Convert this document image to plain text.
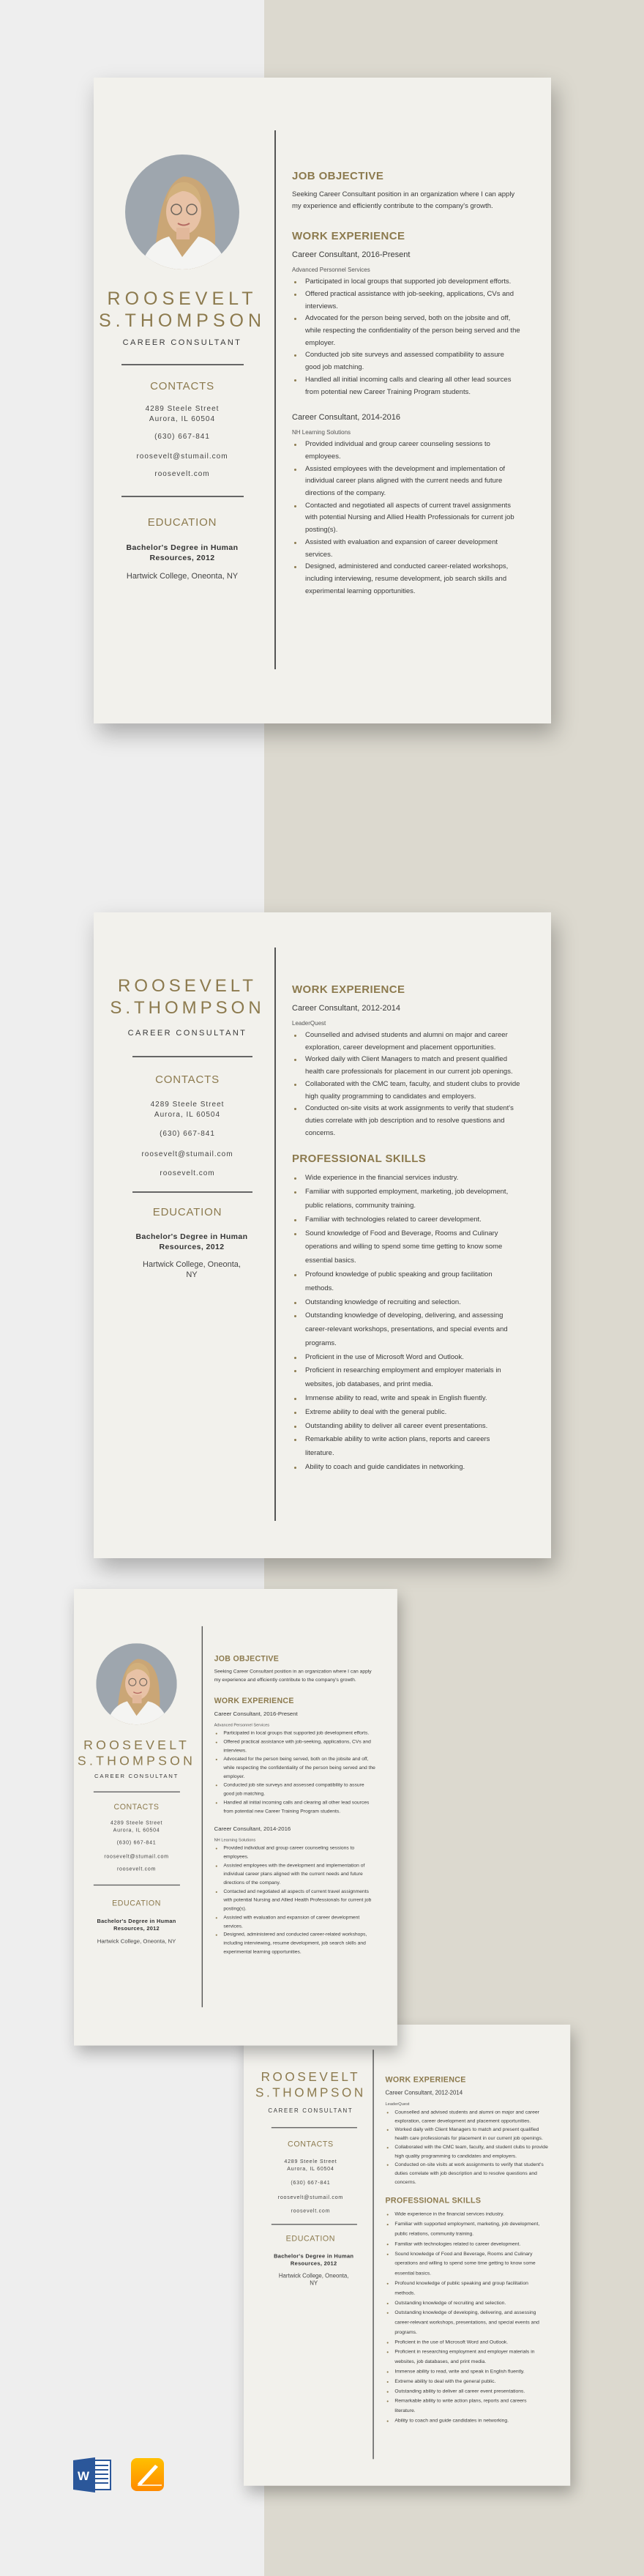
ROOSEVELT
S.THOMPSON
CAREER CONSULTANT
CONTACTS
4289 Steele Street
Aurora, IL 60504
(630) 667-841
roosevelt@stumail.com
roosevelt.com
EDUCATION
Bachelor's Degree in Human
Resources, 2012
Hartwick College, Oneonta, NY
JOB OBJECTIVE

Seeking Career Consultant position in an organization where I can apply my experience and efficiently contribute to the company's growth.

WORK EXPERIENCE
Career Consultant, 2016-Present
Advanced Personnel Services
Participated in local groups that supported job development efforts.
Offered practical assistance with job-seeking, applications, CVs and interviews.
Advocated for the person being served, both on the jobsite and off, while respecting the confidentiality of the person being served and the employer.
Conducted job site surveys and assessed compatibility to assure good job matching.
Handled all initial incoming calls and clearing all other lead sources from potential new Career Training Program students.
Career Consultant, 2014-2016
NH Learning Solutions
Provided individual and group career counseling sessions to employees.
Assisted employees with the development and implementation of individual career plans aligned with the current needs and future directions of the company.
Contacted and negotiated all aspects of current travel assignments with potential Nursing and Allied Health Professionals for current job posting(s).
Assisted with evaluation and expansion of career development services.
Designed, administered and conducted career-related workshops, including interviewing, resume development, job search skills and experimental learning opportunities.
ROOSEVELT
S.THOMPSON
CAREER CONSULTANT
CONTACTS
4289 Steele Street
Aurora, IL 60504
(630) 667-841
roosevelt@stumail.com
roosevelt.com
EDUCATION
Bachelor's Degree in Human
Resources, 2012
Hartwick College, Oneonta, NY
WORK EXPERIENCE
Career Consultant, 2012-2014
LeaderQuest
Counselled and advised students and alumni on major and career exploration, career development and placement opportunities.
Worked daily with Client Managers to match and present qualified health care professionals for placement in our current job openings.
Collaborated with the CMC team, faculty, and student clubs to provide high quality programming to candidates and employers.
Conducted on-site visits at work assignments to verify that student's duties correlate with job description and to resolve questions and concerns.
PROFESSIONAL SKILLS
Wide experience in the financial services industry.
Familiar with supported employment, marketing, job development, public relations, community training.
Familiar with technologies related to career development.
Sound knowledge of Food and Beverage, Rooms and Culinary operations and willing to spend some time getting to know some essential basics.
Profound knowledge of public speaking and group facilitation methods.
Outstanding knowledge of recruiting and selection.
Outstanding knowledge of developing, delivering, and assessing career-relevant workshops, presentations, and special events and programs.
Proficient in the use of Microsoft Word and Outlook.
Proficient in researching employment and employer materials in websites, job databases, and print media.
Immense ability to read, write and speak in English fluently.
Extreme ability to deal with the general public.
Outstanding ability to deliver all career event presentations.
Remarkable ability to write action plans, reports and careers literature.
Ability to coach and guide candidates in networking.
ROOSEVELT
S.THOMPSON
CAREER CONSULTANT
CONTACTS
4289 Steele Street
Aurora, IL 60504
(630) 667-841
roosevelt@stumail.com
roosevelt.com
EDUCATION
Bachelor's Degree in Human
Resources, 2012
Hartwick College, Oneonta, NY
WORK EXPERIENCE
Career Consultant, 2012-2014
LeaderQuest
Counselled and advised students and alumni on major and career exploration, career development and placement opportunities.
Worked daily with Client Managers to match and present qualified health care professionals for placement in our current job openings.
Collaborated with the CMC team, faculty, and student clubs to provide high quality programming to candidates and employers.
Conducted on-site visits at work assignments to verify that student's duties correlate with job description and to resolve questions and concerns.
PROFESSIONAL SKILLS
Wide experience in the financial services industry.
Familiar with supported employment, marketing, job development, public relations, community training.
Familiar with technologies related to career development.
Sound knowledge of Food and Beverage, Rooms and Culinary operations and willing to spend some time getting to know some essential basics.
Profound knowledge of public speaking and group facilitation methods.
Outstanding knowledge of recruiting and selection.
Outstanding knowledge of developing, delivering, and assessing career-relevant workshops, presentations, and special events and programs.
Proficient in the use of Microsoft Word and Outlook.
Proficient in researching employment and employer materials in websites, job databases, and print media.
Immense ability to read, write and speak in English fluently.
Extreme ability to deal with the general public.
Outstanding ability to deliver all career event presentations.
Remarkable ability to write action plans, reports and careers literature.
Ability to coach and guide candidates in networking.
ROOSEVELT
S.THOMPSON
CAREER CONSULTANT
CONTACTS
4289 Steele Street
Aurora, IL 60504
(630) 667-841
roosevelt@stumail.com
roosevelt.com
EDUCATION
Bachelor's Degree in Human
Resources, 2012
Hartwick College, Oneonta, NY
JOB OBJECTIVE

Seeking Career Consultant position in an organization where I can apply my experience and efficiently contribute to the company's growth.

WORK EXPERIENCE
Career Consultant, 2016-Present
Advanced Personnel Services
Participated in local groups that supported job development efforts.
Offered practical assistance with job-seeking, applications, CVs and interviews.
Advocated for the person being served, both on the jobsite and off, while respecting the confidentiality of the person being served and the employer.
Conducted job site surveys and assessed compatibility to assure good job matching.
Handled all initial incoming calls and clearing all other lead sources from potential new Career Training Program students.
Career Consultant, 2014-2016
NH Learning Solutions
Provided individual and group career counseling sessions to employees.
Assisted employees with the development and implementation of individual career plans aligned with the current needs and future directions of the company.
Contacted and negotiated all aspects of current travel assignments with potential Nursing and Allied Health Professionals for current job posting(s).
Assisted with evaluation and expansion of career development services.
Designed, administered and conducted career-related workshops, including interviewing, resume development, job search skills and experimental learning opportunities.
W
